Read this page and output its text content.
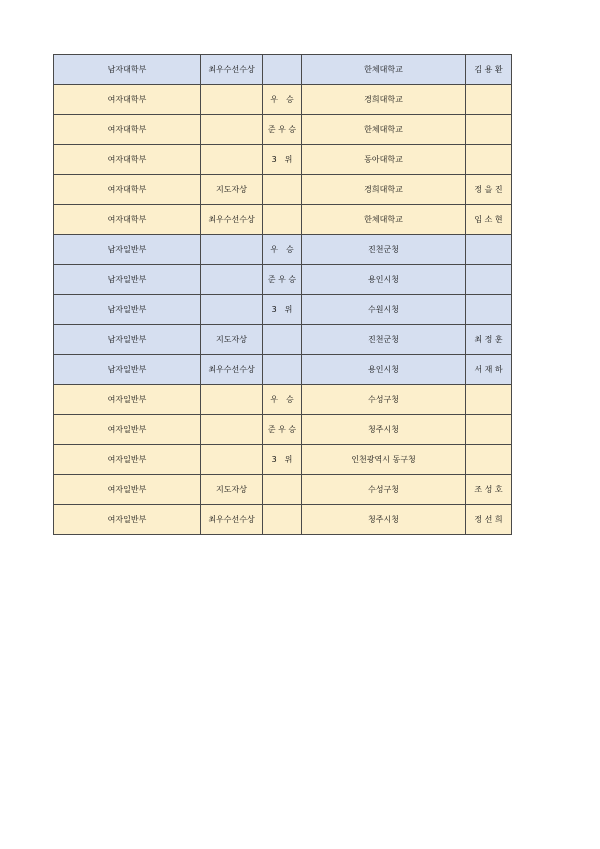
남자대학부	최우수선수상		한체대학교	김 용 환
여자대학부		우　승	경희대학교	
여자대학부		준 우 승	한체대학교	
여자대학부		3　위	동아대학교	
여자대학부	지도자상		경희대학교	정 을 진
여자대학부	최우수선수상		한체대학교	임 소 현
남자일반부		우　승	진천군청	
남자일반부		준 우 승	용인시청	
남자일반부		3　위	수원시청	
남자일반부	지도자상		진천군청	최 정 훈
남자일반부	최우수선수상		용인시청	서 재 하
여자일반부		우　승	수성구청	
여자일반부		준 우 승	청주시청	
여자일반부		3　위	인천광역시 동구청	
여자일반부	지도자상		수성구청	조 성 호
여자일반부	최우수선수상		청주시청	정 선 희
